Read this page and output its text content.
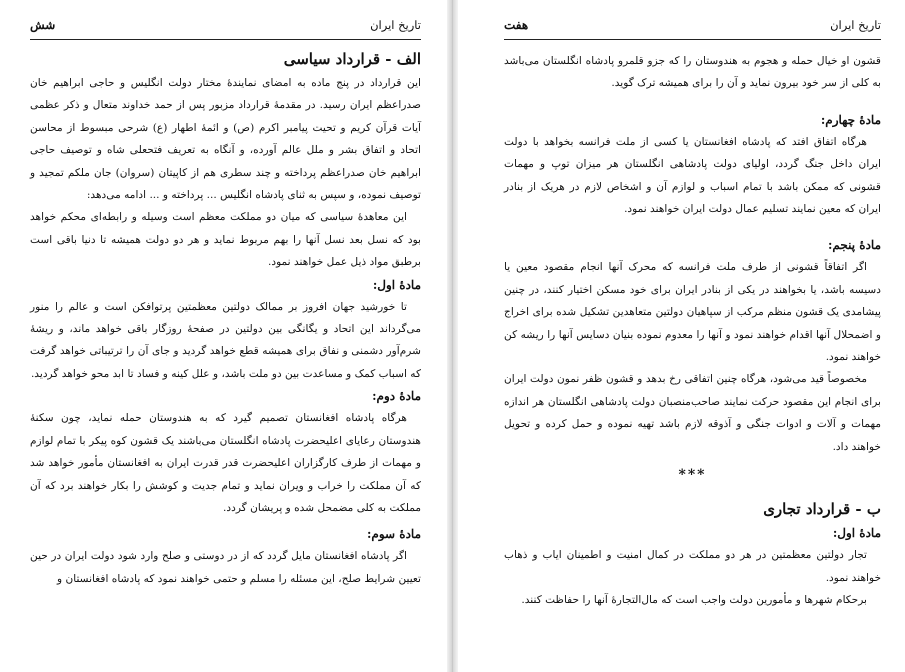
تاریخ ایران
شش
الف - قرارداد سیاسی

این قرارداد در پنج ماده به امضای نمایندهٔ مختار دولت انگلیس و حاجی ابراهیم خان صدراعظم ایران رسید. در مقدمهٔ قرارداد مزبور پس از حمد خداوند متعال و ذکر عظمی آیات قرآن کریم و تحیت پیامبر اکرم (ص) و ائمهٔ اطهار (ع) شرحی مبسوط از محاسن اتحاد و اتفاق بشر و ملل عالم آورده، و آنگاه به تعریف فتحعلی شاه و توصیف حاجی ابراهیم خان صدراعظم پرداخته و چند سطری هم از کاپیتان (سروان) جان ملکم تمجید و توصیف نموده، و سپس به ثنای پادشاه انگلیس ... پرداخته و ... ادامه می‌دهد:

این معاهدهٔ سیاسی که میان دو مملکت معظم است وسیله و رابطه‌ای محکم خواهد بود که نسل بعد نسل آنها را بهم مربوط نماید و هر دو دولت همیشه تا دنیا باقی است برطبق مواد ذیل عمل خواهند نمود.

مادهٔ اول:

تا خورشید جهان افروز بر ممالک دولتین معظمتین پرتوافکن است و عالم را منور می‌گرداند این اتحاد و یگانگی بین دولتین در صفحهٔ روزگار باقی خواهد ماند، و ریشهٔ شرم‌آور دشمنی و نفاق برای همیشه قطع خواهد گردید و جای آن را ترتیباتی خواهد گرفت که اسباب کمک و مساعدت بین دو ملت باشد، و علل کینه و فساد تا ابد محو خواهد گردید.

مادهٔ دوم:

هرگاه پادشاه افغانستان تصمیم گیرد که به هندوستان حمله نماید، چون سکنهٔ هندوستان رعایای اعلیحضرت پادشاه انگلستان می‌باشند یک قشون کوه پیکر با تمام لوازم و مهمات از طرف کارگزاران اعلیحضرت قدر قدرت ایران به افغانستان مأمور خواهد شد که آن مملکت را خراب و ویران نماید و تمام جدیت و کوشش را بکار خواهند برد که آن مملکت به کلی مضمحل شده و پریشان گردد.

مادهٔ سوم:

اگر پادشاه افغانستان مایل گردد که از در دوستی و صلح وارد شود دولت ایران در حین تعیین شرایط صلح، این مسئله را مسلم و حتمی خواهند نمود که پادشاه افغانستان و

تاریخ ایران
هفت

قشون او خیال حمله و هجوم به هندوستان را که جزو قلمرو پادشاه انگلستان می‌باشد به کلی از سر خود بیرون نماید و آن را برای همیشه ترک گوید.

مادهٔ چهارم:

هرگاه اتفاق افتد که پادشاه افغانستان یا کسی از ملت فرانسه بخواهد با دولت ایران داخل جنگ گردد، اولیای دولت پادشاهی انگلستان هر میزان توپ و مهمات قشونی که ممکن باشد با تمام اسباب و لوازم آن و اشخاص لازم در هریک از بنادر ایران که معین نمایند تسلیم عمال دولت ایران خواهند نمود.

مادهٔ پنجم:

اگر اتفاقاً قشونی از طرف ملت فرانسه که محرک آنها انجام مقصود معین یا دسیسه باشد، یا بخواهند در یکی از بنادر ایران برای خود مسکن اختیار کنند، در چنین پیشامدی یک قشون منظم مرکب از سپاهیان دولتین متعاهدین تشکیل شده برای اخراج و اضمحلال آنها اقدام خواهند نمود و آنها را معدوم نموده بنیان دسایس آنها را ریشه کن خواهند نمود.

مخصوصاً قید می‌شود، هرگاه چنین اتفاقی رخ بدهد و قشون ظفر نمون دولت ایران برای انجام این مقصود حرکت نمایند صاحب‌منصبان دولت پادشاهی انگلستان هر اندازه مهمات و آلات و ادوات جنگی و آذوقه لازم باشد تهیه نموده و حمل کرده و تحویل خواهند داد.

***
ب - قرارداد تجاری
مادهٔ اول:

تجار دولتین معظمتین در هر دو مملکت در کمال امنیت و اطمینان ایاب و ذهاب خواهند نمود.

برحکام شهرها و مأمورین دولت واجب است که مال‌التجارهٔ آنها را حفاظت کنند.
